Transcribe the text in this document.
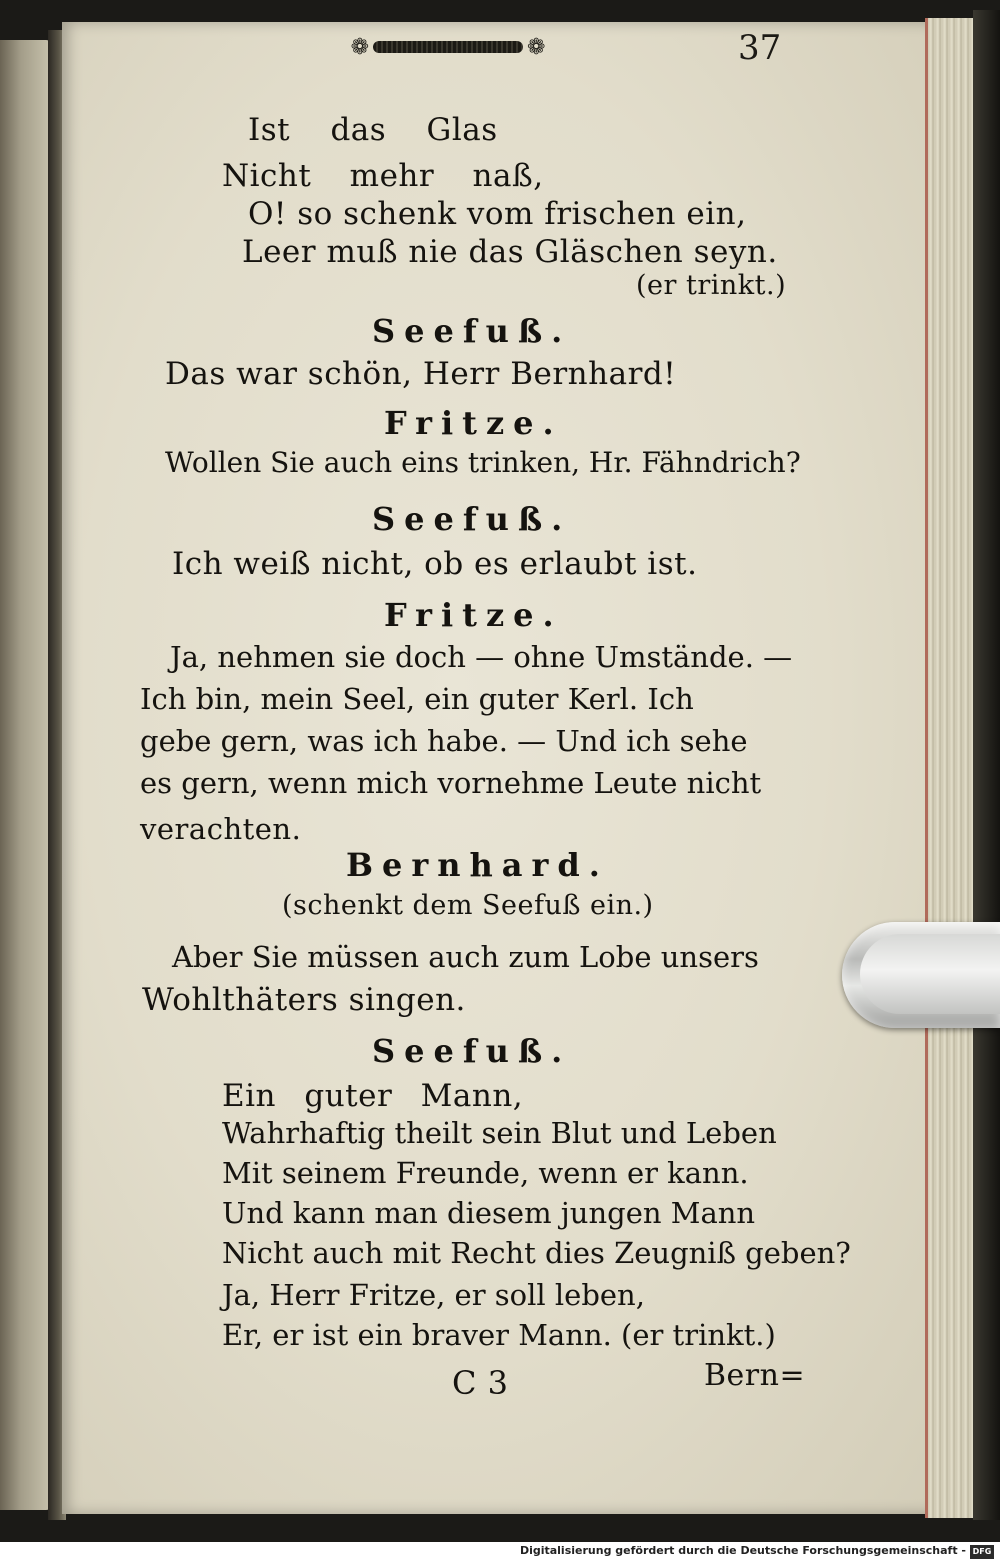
❁	❁	37
Ist das Glas
Nicht mehr naß,
O! so schenk vom frischen ein,
Leer muß nie das Gläschen seyn.
(er trinkt.)
Seefuß.
Das war schön, Herr Bernhard!
Fritze.
Wollen Sie auch eins trinken, Hr. Fähndrich?
Seefuß.
Ich weiß nicht, ob es erlaubt ist.
Fritze.
Ja, nehmen sie doch — ohne Umstände. —
Ich bin, mein Seel, ein guter Kerl. Ich
gebe gern, was ich habe. — Und ich sehe
es gern, wenn mich vornehme Leute nicht
verachten.
Bernhard.
(schenkt dem Seefuß ein.)
Aber Sie müssen auch zum Lobe unsers
Wohlthäters singen.
Seefuß.
Ein guter Mann,
Wahrhaftig theilt sein Blut und Leben
Mit seinem Freunde, wenn er kann.
Und kann man diesem jungen Mann
Nicht auch mit Recht dies Zeugniß geben?
Ja, Herr Fritze, er soll leben,
Er, er ist ein braver Mann. (er trinkt.)
C 3	Bern=
Digitalisierung gefördert durch die Deutsche Forschungsgemeinschaft - DFG
